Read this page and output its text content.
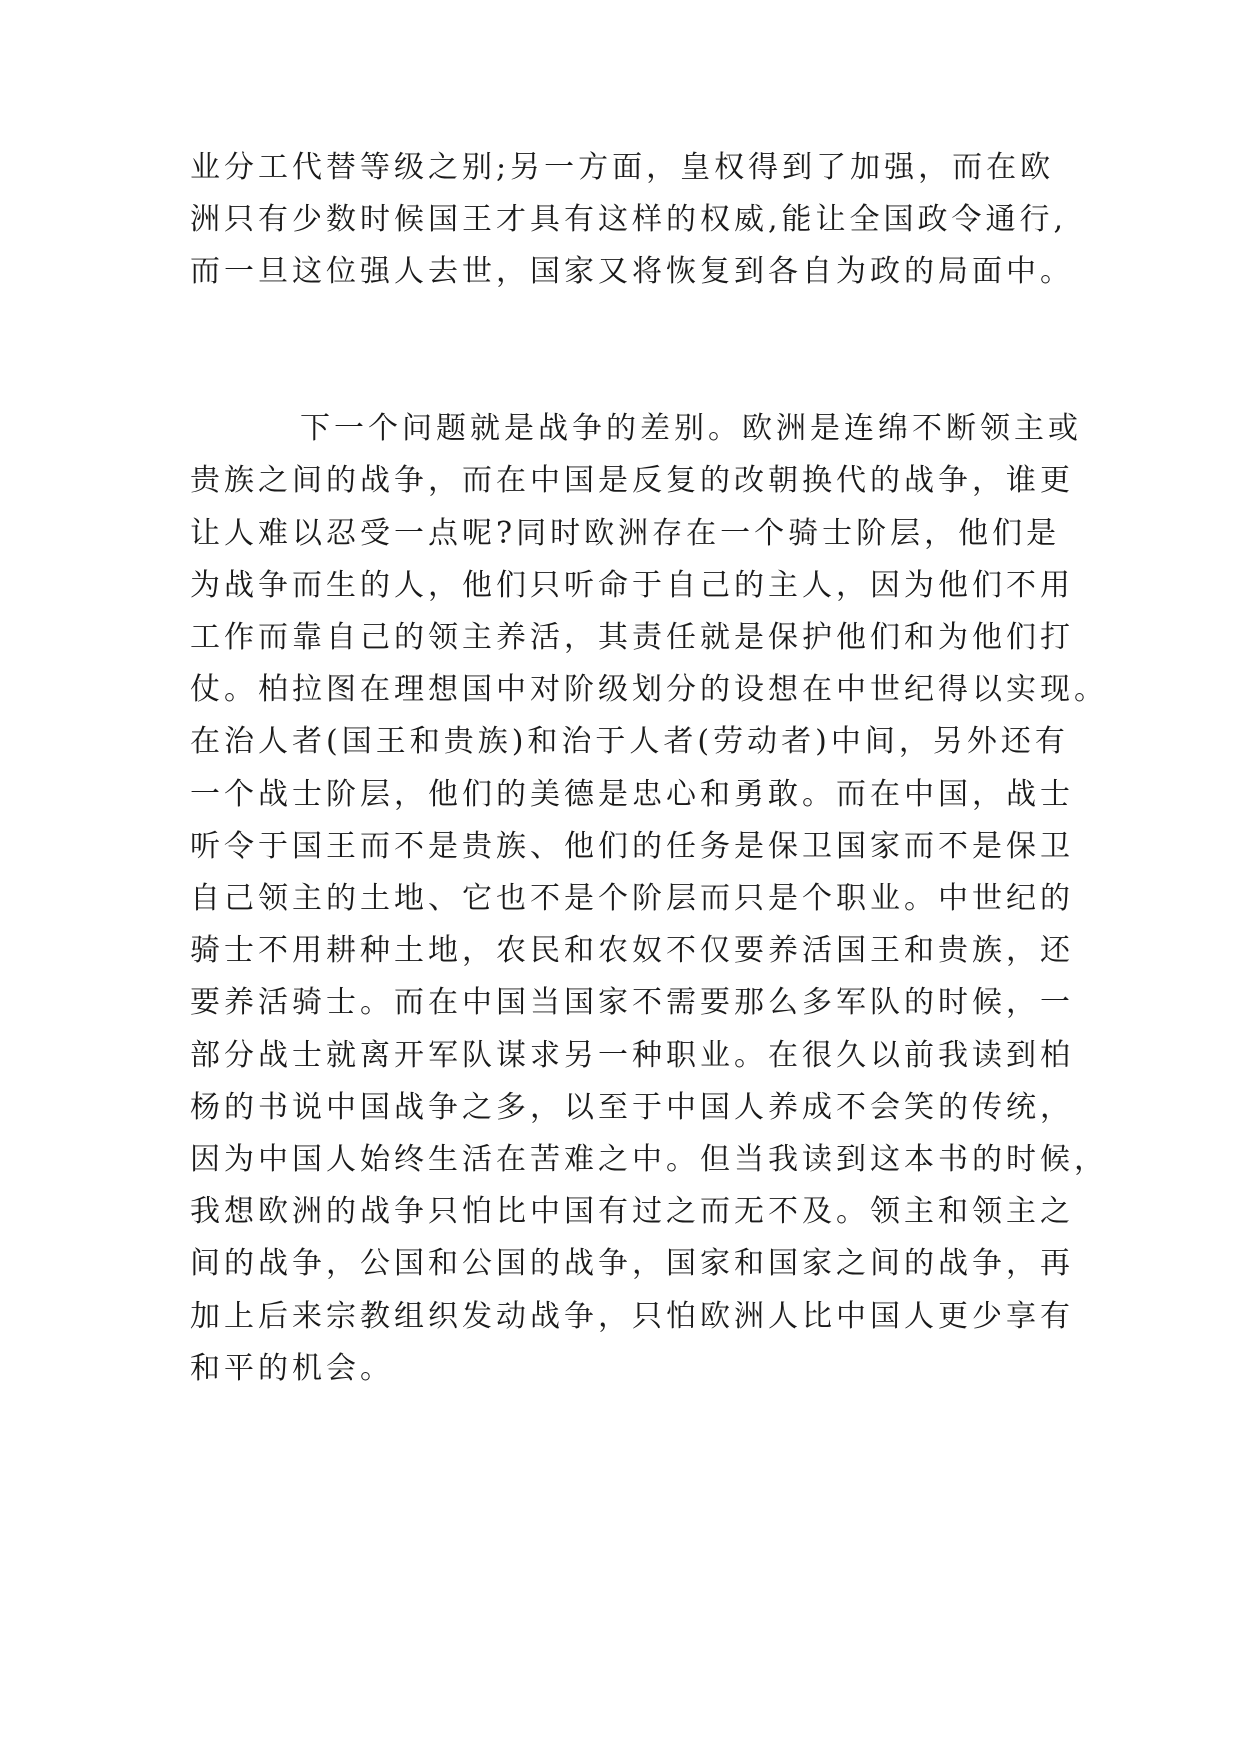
业分工代替等级之别;另一方面，皇权得到了加强，而在欧
洲只有少数时候国王才具有这样的权威,能让全国政令通行,
而一旦这位强人去世，国家又将恢复到各自为政的局面中。
下一个问题就是战争的差别。欧洲是连绵不断领主或
贵族之间的战争，而在中国是反复的改朝换代的战争，谁更
让人难以忍受一点呢?同时欧洲存在一个骑士阶层，他们是
为战争而生的人，他们只听命于自己的主人，因为他们不用
工作而靠自己的领主养活，其责任就是保护他们和为他们打
仗。柏拉图在理想国中对阶级划分的设想在中世纪得以实现。
在治人者(国王和贵族)和治于人者(劳动者)中间，另外还有
一个战士阶层，他们的美德是忠心和勇敢。而在中国，战士
听令于国王而不是贵族、他们的任务是保卫国家而不是保卫
自己领主的土地、它也不是个阶层而只是个职业。中世纪的
骑士不用耕种土地，农民和农奴不仅要养活国王和贵族，还
要养活骑士。而在中国当国家不需要那么多军队的时候，一
部分战士就离开军队谋求另一种职业。在很久以前我读到柏
杨的书说中国战争之多，以至于中国人养成不会笑的传统，
因为中国人始终生活在苦难之中。但当我读到这本书的时候，
我想欧洲的战争只怕比中国有过之而无不及。领主和领主之
间的战争，公国和公国的战争，国家和国家之间的战争，再
加上后来宗教组织发动战争，只怕欧洲人比中国人更少享有
和平的机会。
